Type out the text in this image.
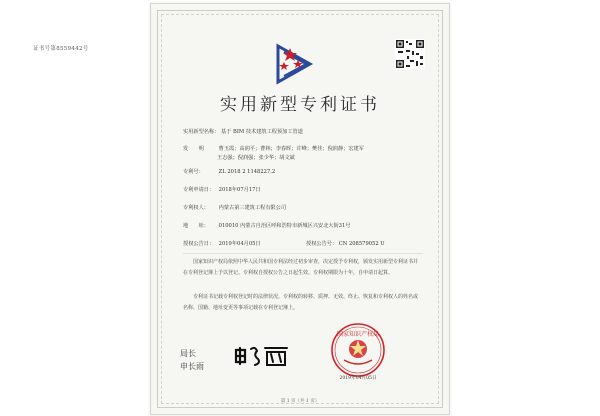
证书号第8559442号
实用新型专利证书
实用新型名称： 基于 BIM 技术建筑工程预加工管道
发　　明	曹玉霞；高润平；曹林；李春晖；许峰；樊佳；倪润静；宏建军
王志强；倪润强；张少华；胡文斌
专利号：	ZL 2018 2 1148227.2
专利申请日： 2018年07月17日
专利权人： 内蒙古第三建筑工程有限公司
地　　址： 010010 内蒙古自治区呼和浩特市新城区兴安北大街31号
授权公告日： 2019年04月05日	授权公告号： CN 208579052 U
国家知识产权局依照中华人民共和国专利法经过初步审查，决定授予专利权，颁发实用新型专利证书并在专利登记簿上予以登记。专利权自授权公告之日起生效。专利权期限为十年，自申请日起算。
专利证书记载专利权登记时的法律状况。专利权的转移、质押、无效、终止、恢复和专利权人的姓名或名称、国籍、地址变更等事项记载在专利登记簿上。
局长
申长雨
国家知识产权局
2019年04月05日
第 1 页（共 1 页）
